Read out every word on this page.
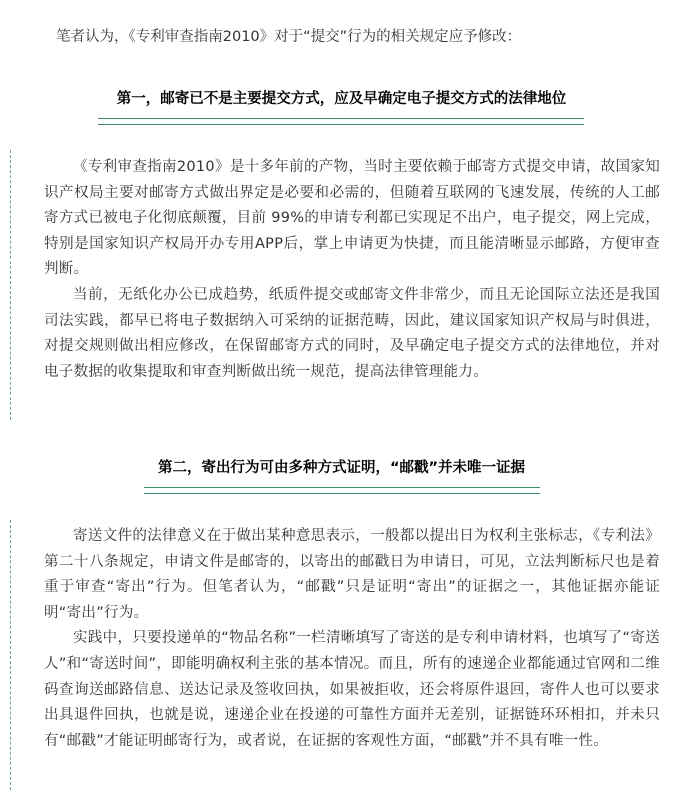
笔者认为，《专利审查指南2010》对于“提交”行为的相关规定应予修改：

第一，邮寄已不是主要提交方式，应及早确定电子提交方式的法律地位

《专利审查指南2010》是十多年前的产物，当时主要依赖于邮寄方式提交申请，故国家知识产权局主要对邮寄方式做出界定是必要和必需的，但随着互联网的飞速发展，传统的人工邮寄方式已被电子化彻底颠覆，目前 99%的申请专利都已实现足不出户，电子提交，网上完成，特别是国家知识产权局开办专用APP后，掌上申请更为快捷，而且能清晰显示邮路，方便审查判断。

当前，无纸化办公已成趋势，纸质件提交或邮寄文件非常少，而且无论国际立法还是我国司法实践，都早已将电子数据纳入可采纳的证据范畴，因此，建议国家知识产权局与时俱进，对提交规则做出相应修改，在保留邮寄方式的同时，及早确定电子提交方式的法律地位，并对电子数据的收集提取和审查判断做出统一规范，提高法律管理能力。

第二，寄出行为可由多种方式证明，“邮戳”并未唯一证据

寄送文件的法律意义在于做出某种意思表示，一般都以提出日为权利主张标志，《专利法》第二十八条规定，申请文件是邮寄的，以寄出的邮戳日为申请日，可见，立法判断标尺也是着重于审查“寄出”行为。但笔者认为，“邮戳”只是证明“寄出”的证据之一，其他证据亦能证明“寄出”行为。

实践中，只要投递单的“物品名称”一栏清晰填写了寄送的是专利申请材料，也填写了“寄送人”和“寄送时间”，即能明确权利主张的基本情况。而且，所有的速递企业都能通过官网和二维码查询送邮路信息、送达记录及签收回执，如果被拒收，还会将原件退回，寄件人也可以要求出具退件回执，也就是说，速递企业在投递的可靠性方面并无差别，证据链环环相扣，并未只有“邮戳”才能证明邮寄行为，或者说，在证据的客观性方面，“邮戳”并不具有唯一性。
